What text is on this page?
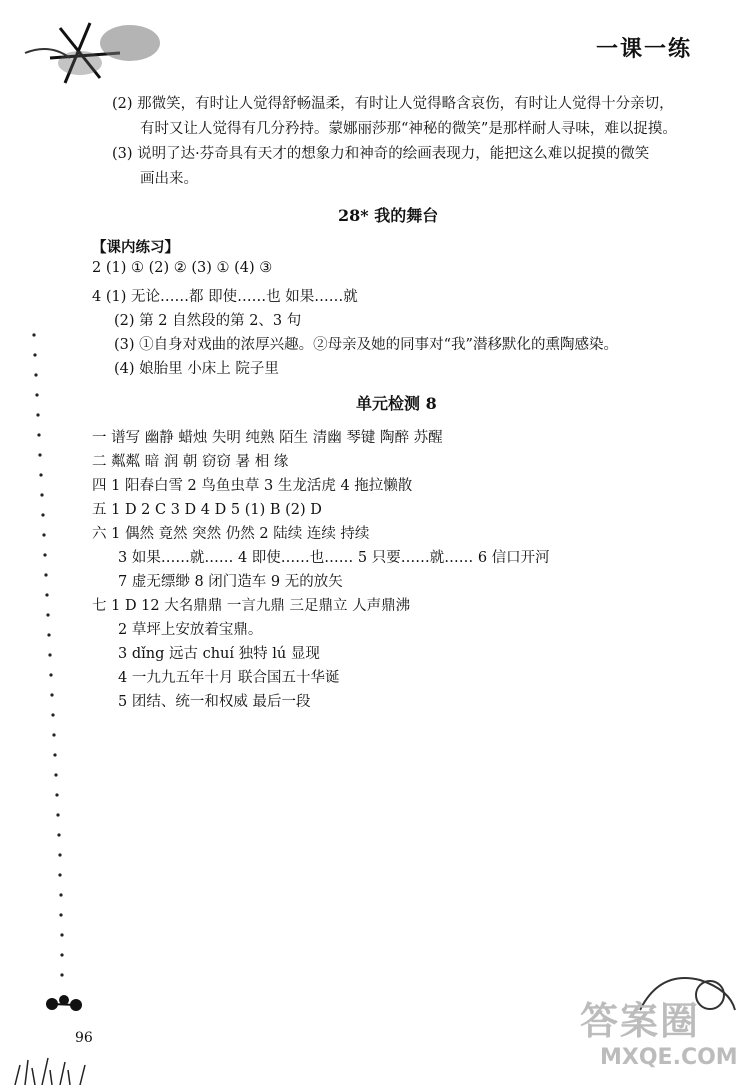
一课一练
(2) 那微笑，有时让人觉得舒畅温柔，有时让人觉得略含哀伤，有时让人觉得十分亲切，
有时又让人觉得有几分矜持。蒙娜丽莎那“神秘的微笑”是那样耐人寻味，难以捉摸。
(3) 说明了达·芬奇具有天才的想象力和神奇的绘画表现力，能把这么难以捉摸的微笑
画出来。
28* 我的舞台
【课内练习】
2 (1) ① (2) ② (3) ① (4) ③
4 (1) 无论……都 即使……也 如果……就
(2) 第 2 自然段的第 2、3 句
(3) ①自身对戏曲的浓厚兴趣。②母亲及她的同事对“我”潜移默化的熏陶感染。
(4) 娘胎里 小床上 院子里
单元检测 8
一 谱写 幽静 蜡烛 失明 纯熟 陌生 清幽 琴键 陶醉 苏醒
二 粼粼 暗 润 朝 窃窃 暑 相 缘
四 1 阳春白雪 2 鸟鱼虫草 3 生龙活虎 4 拖拉懒散
五 1 D 2 C 3 D 4 D 5 (1) B (2) D
六 1 偶然 竟然 突然 仍然 2 陆续 连续 持续
3 如果……就…… 4 即使……也…… 5 只要……就…… 6 信口开河
7 虚无缥缈 8 闭门造车 9 无的放矢
七 1 D 12 大名鼎鼎 一言九鼎 三足鼎立 人声鼎沸
2 草坪上安放着宝鼎。
3 dǐng 远古 chuí 独特 lú 显现
4 一九九五年十月 联合国五十华诞
5 团结、统一和权威 最后一段
96	答案圈
MXQE.COM
